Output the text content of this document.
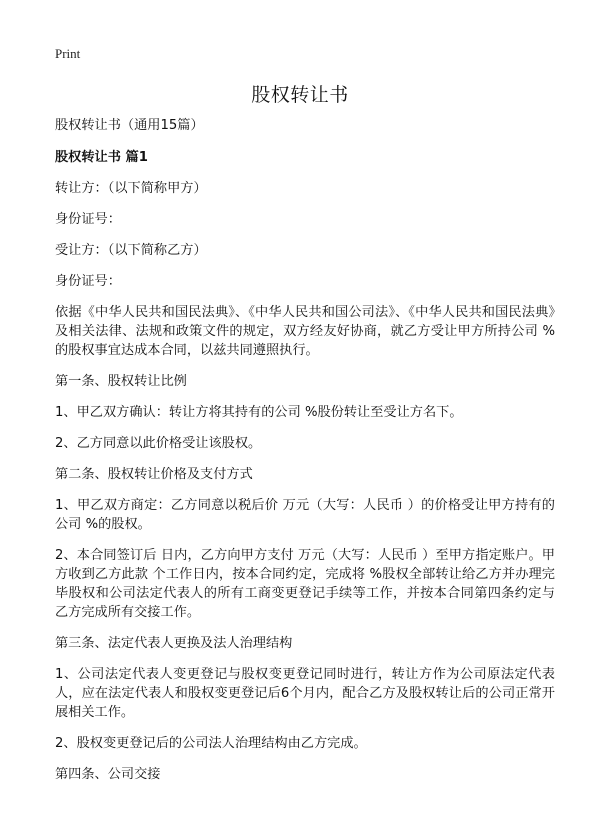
Print
股权转让书

股权转让书（通用15篇）

股权转让书 篇1

转让方：（以下简称甲方）

身份证号：

受让方：（以下简称乙方）

身份证号：

依据《中华人民共和国民法典》、《中华人民共和国公司法》、《中华人民共和国民法典》及相关法律、法规和政策文件的规定，双方经友好协商，就乙方受让甲方所持公司 %的股权事宜达成本合同，以兹共同遵照执行。

第一条、股权转让比例

1、甲乙双方确认：转让方将其持有的公司 %股份转让至受让方名下。

2、乙方同意以此价格受让该股权。

第二条、股权转让价格及支付方式

1、甲乙双方商定：乙方同意以税后价 万元（大写：人民币 ）的价格受让甲方持有的公司 %的股权。

2、本合同签订后 日内，乙方向甲方支付 万元（大写：人民币 ）至甲方指定账户。甲方收到乙方此款 个工作日内，按本合同约定，完成将 %股权全部转让给乙方并办理完毕股权和公司法定代表人的所有工商变更登记手续等工作，并按本合同第四条约定与乙方完成所有交接工作。

第三条、法定代表人更换及法人治理结构

1、公司法定代表人变更登记与股权变更登记同时进行，转让方作为公司原法定代表人，应在法定代表人和股权变更登记后6个月内，配合乙方及股权转让后的公司正常开展相关工作。

2、股权变更登记后的公司法人治理结构由乙方完成。

第四条、公司交接
